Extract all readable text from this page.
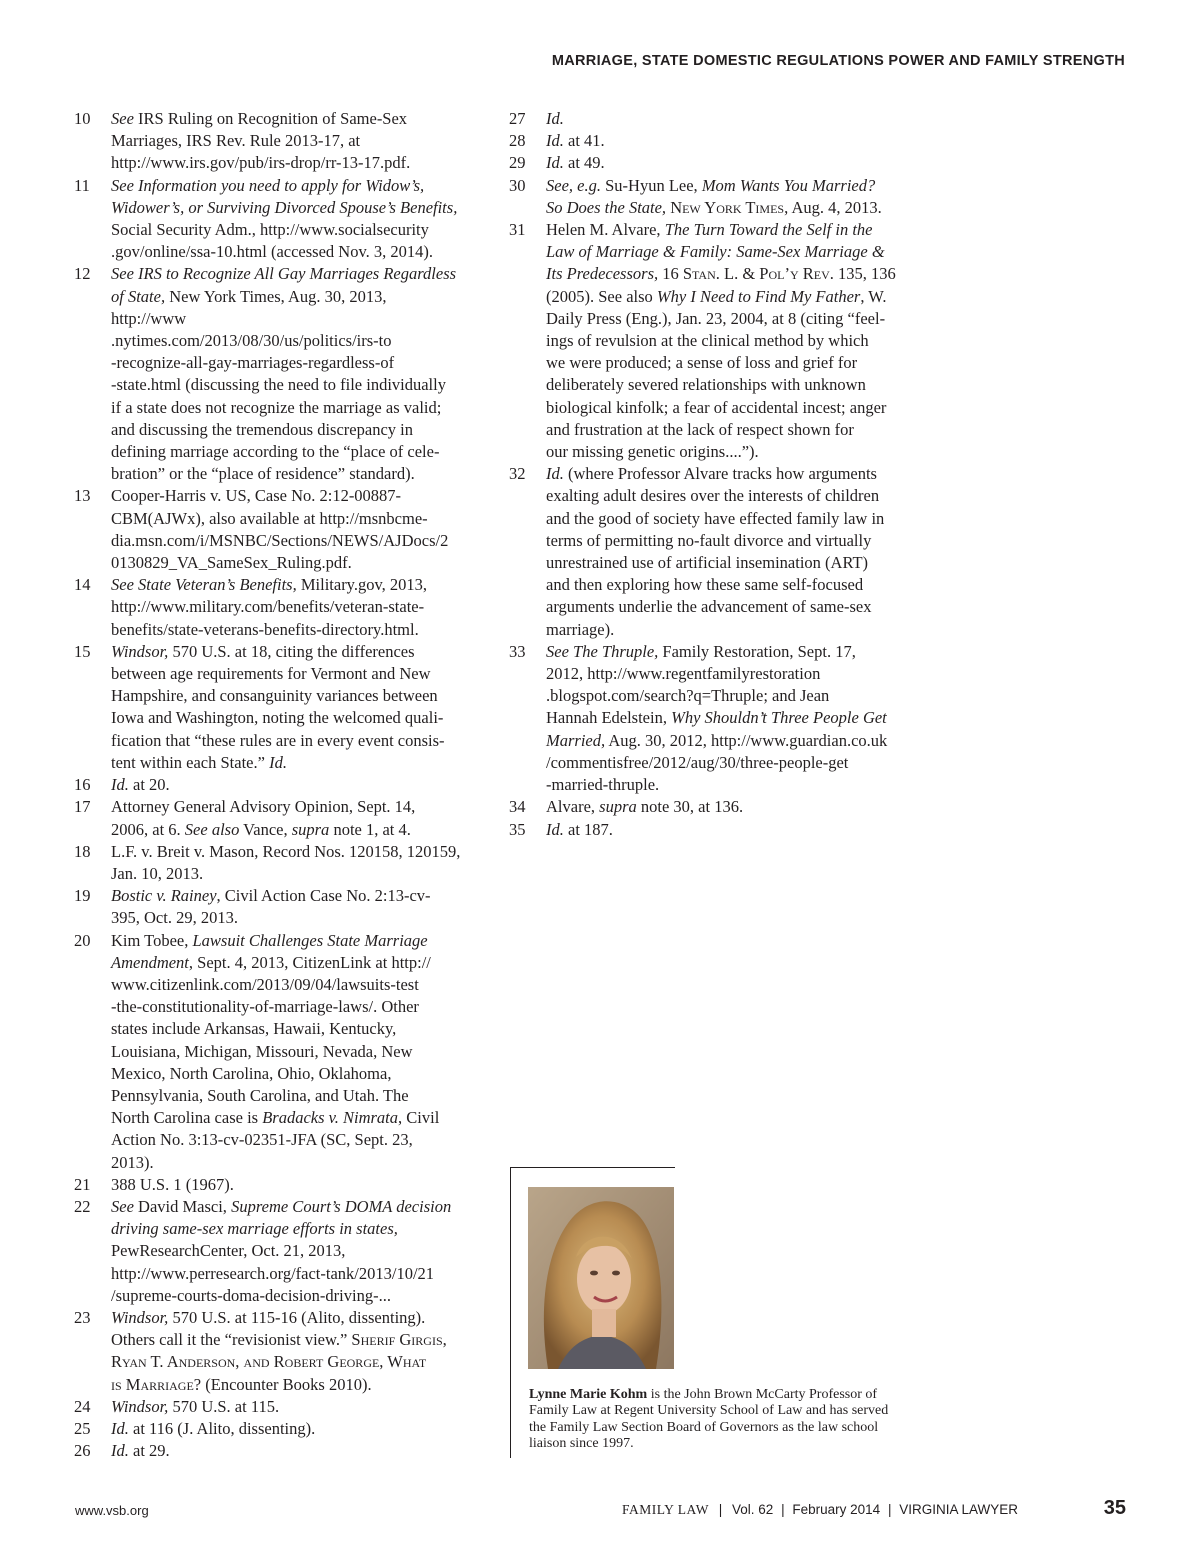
MARRIAGE, STATE DOMESTIC REGULATIONS POWER AND FAMILY STRENGTH
10	See IRS Ruling on Recognition of Same-Sex
Marriages, IRS Rev. Rule 2013-17, at
http://www.irs.gov/pub/irs-drop/rr-13-17.pdf.
11	See Information you need to apply for Widow’s,
Widower’s, or Surviving Divorced Spouse’s Benefits,
Social Security Adm., http://www.socialsecurity
.gov/online/ssa-10.html (accessed Nov. 3, 2014).
12	See IRS to Recognize All Gay Marriages Regardless
of State, New York Times, Aug. 30, 2013,
http://www
.nytimes.com/2013/08/30/us/politics/irs-to
-recognize-all-gay-marriages-regardless-of
-state.html (discussing the need to file individually
if a state does not recognize the marriage as valid;
and discussing the tremendous discrepancy in
defining marriage according to the “place of cele-
bration” or the “place of residence” standard).
13	Cooper-Harris v. US, Case No. 2:12-00887-
CBM(AJWx), also available at http://msnbcme-
dia.msn.com/i/MSNBC/Sections/NEWS/AJDocs/2
0130829_VA_SameSex_Ruling.pdf.
14	See State Veteran’s Benefits, Military.gov, 2013,
http://www.military.com/benefits/veteran-state-
benefits/state-veterans-benefits-directory.html.
15	Windsor, 570 U.S. at 18, citing the differences
between age requirements for Vermont and New
Hampshire, and consanguinity variances between
Iowa and Washington, noting the welcomed quali-
fication that “these rules are in every event consis-
tent within each State.” Id.
16	Id. at 20.
17	Attorney General Advisory Opinion, Sept. 14,
2006, at 6. See also Vance, supra note 1, at 4.
18	L.F. v. Breit v. Mason, Record Nos. 120158, 120159,
Jan. 10, 2013.
19	Bostic v. Rainey, Civil Action Case No. 2:13-cv-
395, Oct. 29, 2013.
20	Kim Tobee, Lawsuit Challenges State Marriage
Amendment, Sept. 4, 2013, CitizenLink at http://
www.citizenlink.com/2013/09/04/lawsuits-test
-the-constitutionality-of-marriage-laws/. Other
states include Arkansas, Hawaii, Kentucky,
Louisiana, Michigan, Missouri, Nevada, New
Mexico, North Carolina, Ohio, Oklahoma,
Pennsylvania, South Carolina, and Utah. The
North Carolina case is Bradacks v. Nimrata, Civil
Action No. 3:13-cv-02351-JFA (SC, Sept. 23,
2013).
21	388 U.S. 1 (1967).
22	See David Masci, Supreme Court’s DOMA decision
driving same-sex marriage efforts in states,
PewResearchCenter, Oct. 21, 2013,
http://www.perresearch.org/fact-tank/2013/10/21
/supreme-courts-doma-decision-driving-...
23	Windsor, 570 U.S. at 115-16 (Alito, dissenting).
Others call it the “revisionist view.” Sherif Girgis,
Ryan T. Anderson, and Robert George, What
is Marriage? (Encounter Books 2010).
24	Windsor, 570 U.S. at 115.
25	Id. at 116 (J. Alito, dissenting).
26	Id. at 29.
27	Id.
28	Id. at 41.
29	Id. at 49.
30	See, e.g. Su-Hyun Lee, Mom Wants You Married?
So Does the State, New York Times, Aug. 4, 2013.
31	Helen M. Alvare, The Turn Toward the Self in the
Law of Marriage & Family: Same-Sex Marriage &
Its Predecessors, 16 Stan. L. & Pol’y Rev. 135, 136
(2005). See also Why I Need to Find My Father, W.
Daily Press (Eng.), Jan. 23, 2004, at 8 (citing “feel-
ings of revulsion at the clinical method by which
we were produced; a sense of loss and grief for
deliberately severed relationships with unknown
biological kinfolk; a fear of accidental incest; anger
and frustration at the lack of respect shown for
our missing genetic origins....”).
32	Id. (where Professor Alvare tracks how arguments
exalting adult desires over the interests of children
and the good of society have effected family law in
terms of permitting no-fault divorce and virtually
unrestrained use of artificial insemination (ART)
and then exploring how these same self-focused
arguments underlie the advancement of same-sex
marriage).
33	See The Thruple, Family Restoration, Sept. 17,
2012, http://www.regentfamilyrestoration
.blogspot.com/search?q=Thruple; and Jean
Hannah Edelstein, Why Shouldn’t Three People Get
Married, Aug. 30, 2012, http://www.guardian.co.uk
/commentisfree/2012/aug/30/three-people-get
-married-thruple.
34	Alvare, supra note 30, at 136.
35	Id. at 187.
Lynne Marie Kohm is the John Brown McCarty Professor of Family Law at Regent University School of Law and has served the Family Law Section Board of Governors as the law school liaison since 1997.
www.vsb.org	FAMILY LAW | Vol. 62 | February 2014 | VIRGINIA LAWYER	35
